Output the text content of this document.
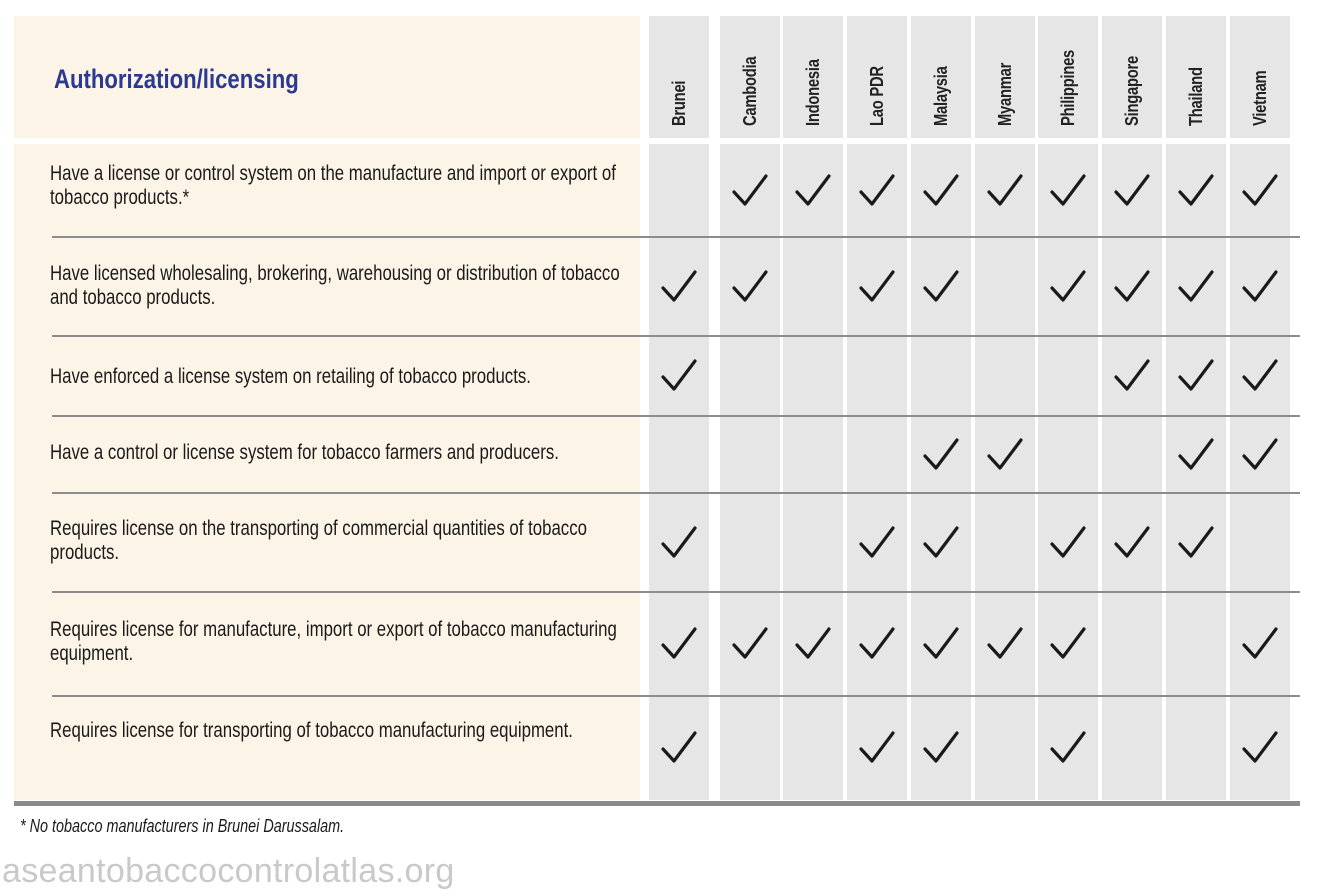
Authorization/licensing
Brunei	Cambodia Indonesia Lao PDR Malaysia Myanmar Philippines Singapore Thailand Vietnam
Have a license or control system on the manufacture and import or export of tobacco products.*
Have licensed wholesaling, brokering, warehousing or distribution of tobacco and tobacco products.
Have enforced a license system on retailing of tobacco products.
Have a control or license system for tobacco farmers and producers.
Requires license on the transporting of commercial quantities of tobacco products.
Requires license for manufacture, import or export of tobacco manufacturing equipment.
Requires license for transporting of tobacco manufacturing equipment.
* No tobacco manufacturers in Brunei Darussalam.
aseantobaccocontrolatlas.org
